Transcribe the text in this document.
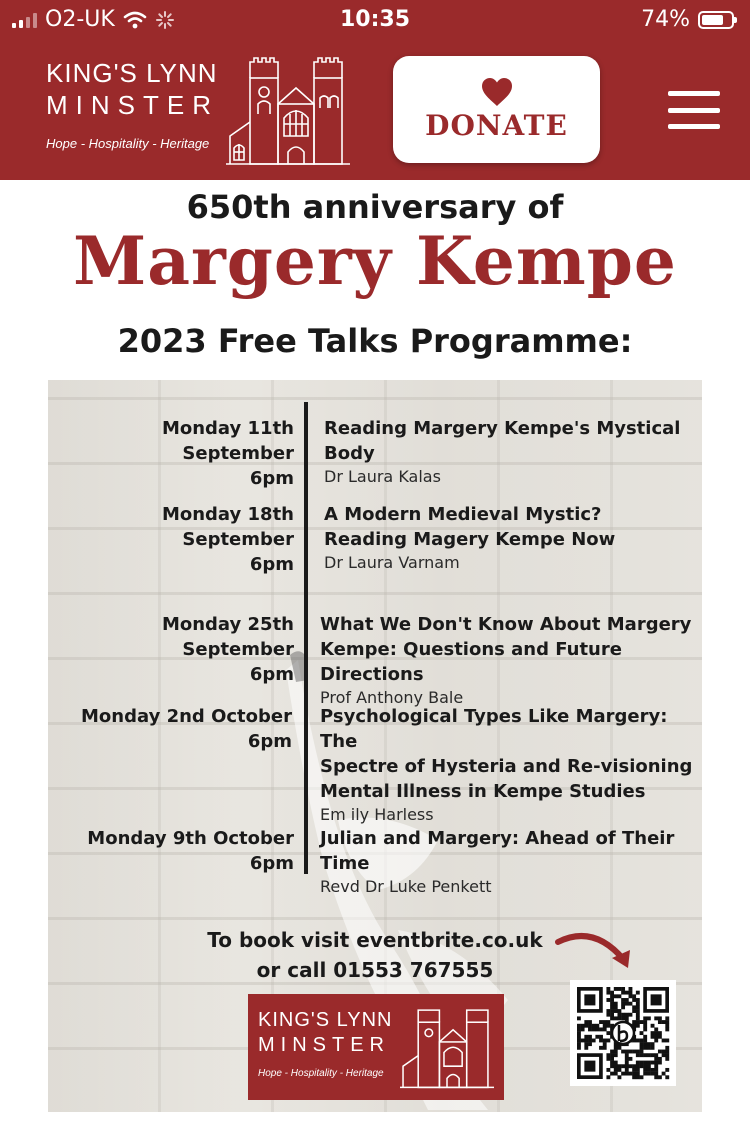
O2-UK	10:35	74%
KING'S LYNN
MINSTER
Hope - Hospitality - Heritage
DONATE
650th anniversary of
Margery Kempe
2023 Free Talks Programme:
Monday 11th September
6pm
Reading Margery Kempe's Mystical Body
Dr Laura Kalas
Monday 18th September
6pm
A Modern Medieval Mystic?
Reading Magery Kempe Now
Dr Laura Varnam
Monday 25th September
6pm
What We Don't Know About Margery
Kempe: Questions and Future Directions
Prof Anthony Bale
Monday 2nd October
6pm
Psychological Types Like Margery: The
Spectre of Hysteria and Re-visioning
Mental Illness in Kempe Studies
Em ily Harless
Monday 9th October
6pm
Julian and Margery: Ahead of Their Time
Revd Dr Luke Penkett
To book visit eventbrite.co.uk
or call 01553 767555
KING'S LYNN
MINSTER
Hope - Hospitality - Heritage
